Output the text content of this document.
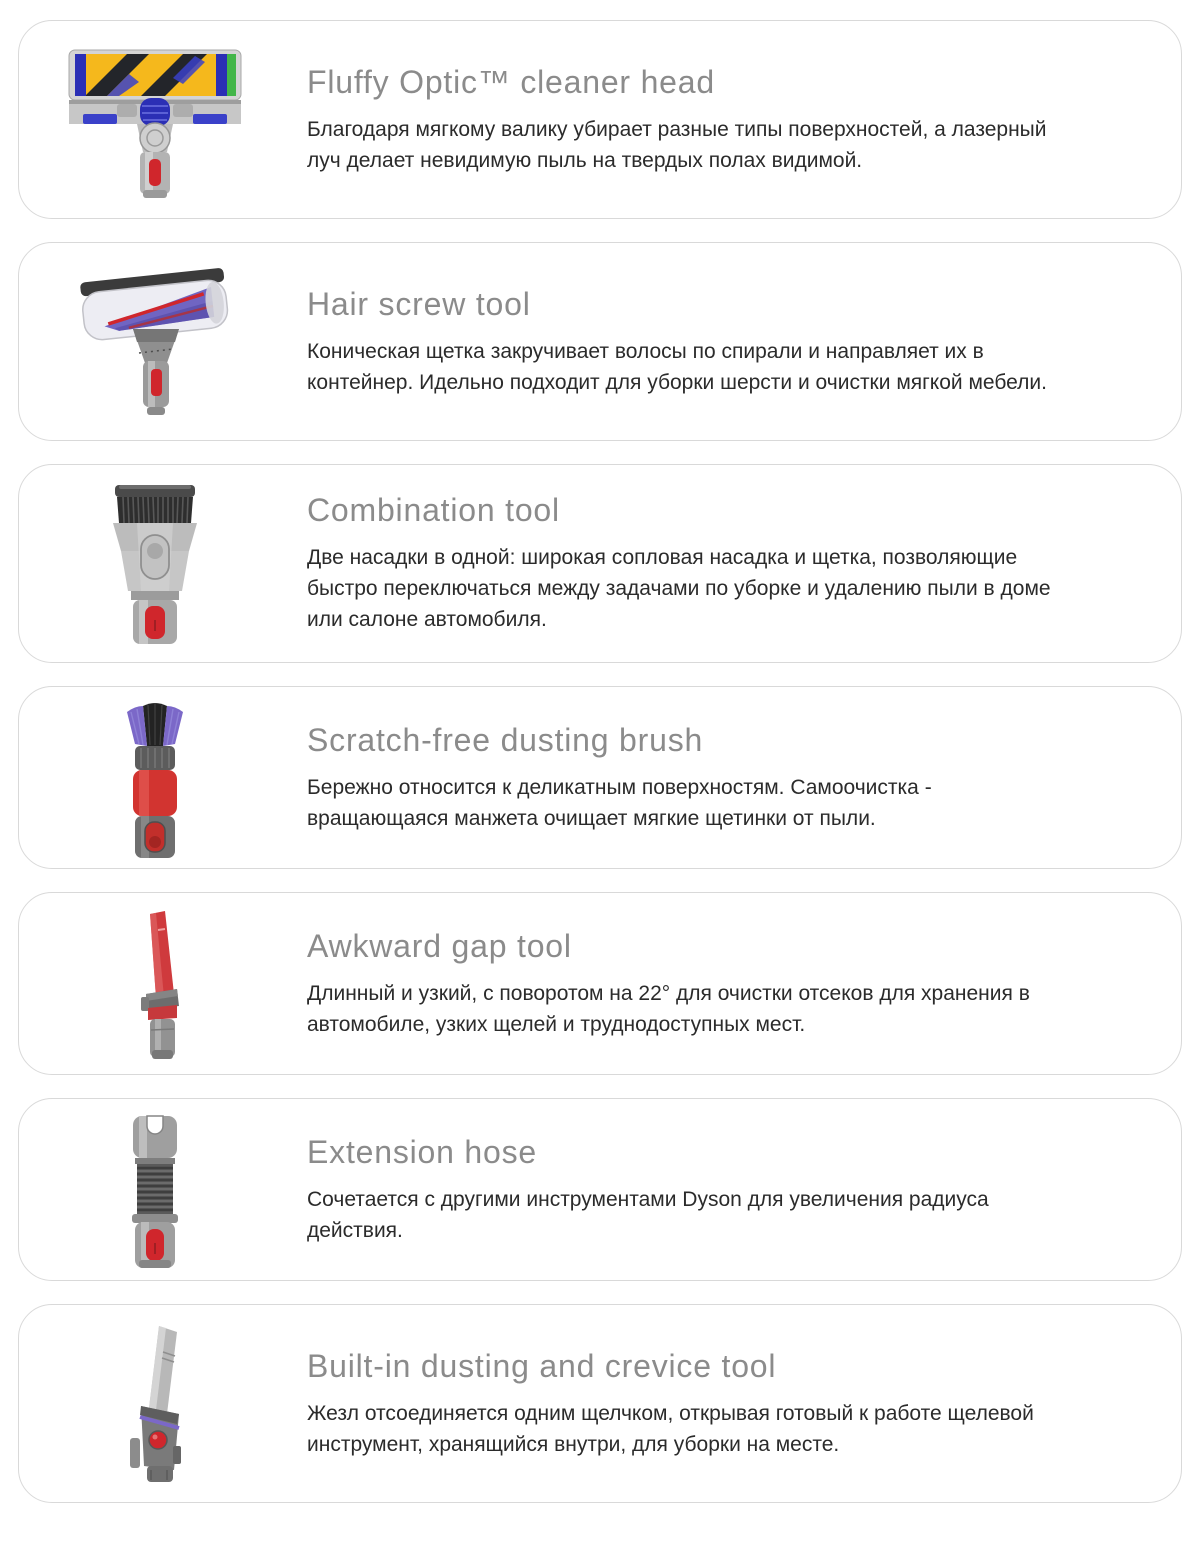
Fluffy Optic™ cleaner head

Благодаря мягкому валику убирает разные типы поверхностей, а лазерный луч делает невидимую пыль на твердых полах видимой.

Hair screw tool

Коническая щетка закручивает волосы по спирали и направляет их в контейнер. Идельно подходит для уборки шерсти и очистки мягкой мебели.

Combination tool

Две насадки в одной: широкая сопловая насадка и щетка, позволяющие быстро переключаться между задачами по уборке и удалению пыли в доме или салоне автомобиля.

Scratch-free dusting brush

Бережно относится к деликатным поверхностям. Самоочистка - вращающаяся манжета очищает мягкие щетинки от пыли.

Awkward gap tool

Длинный и узкий, с поворотом на 22° для очистки отсеков для хранения в автомобиле, узких щелей и труднодоступных мест.

Extension hose

Сочетается с другими инструментами Dyson для увеличения радиуса действия.

Built-in dusting and crevice tool

Жезл отсоединяется одним щелчком, открывая готовый к работе щелевой инструмент, хранящийся внутри, для уборки на месте.
